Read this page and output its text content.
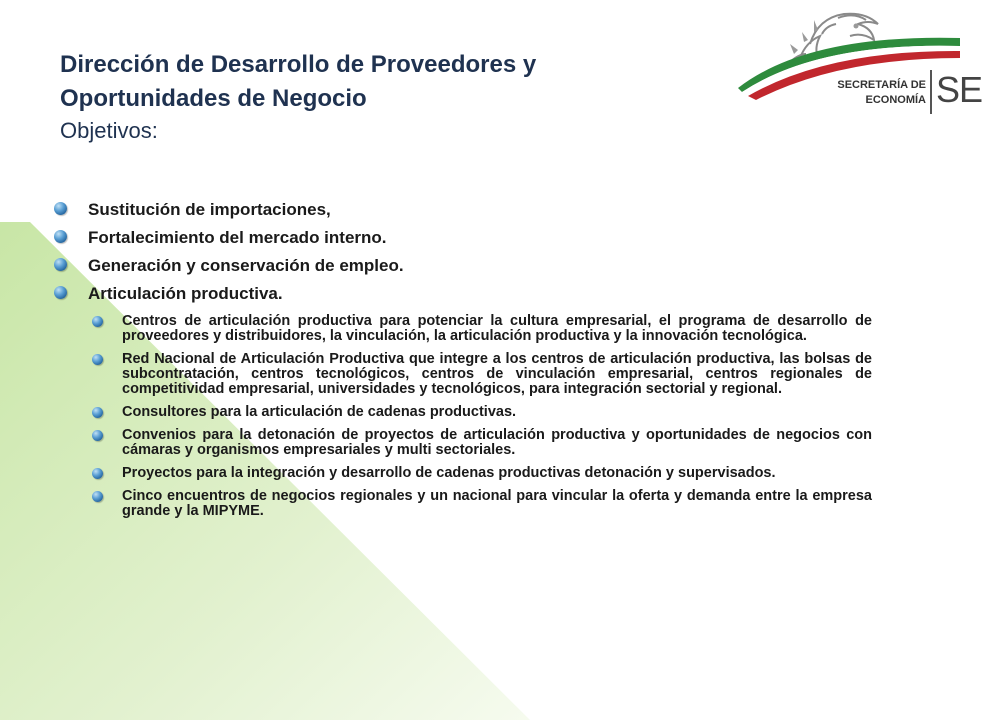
Dirección de Desarrollo de Proveedores y
Oportunidades de Negocio

Objetivos:

SECRETARÍA DE
ECONOMÍA SE
Sustitución de importaciones,
Fortalecimiento del mercado interno.
Generación y conservación de empleo.
Articulación productiva.
Centros de articulación productiva para potenciar la cultura empresarial, el programa de desarrollo de proveedores y distribuidores, la vinculación, la articulación productiva y la innovación tecnológica.
Red Nacional de Articulación Productiva que integre a los centros de articulación productiva, las bolsas de subcontratación, centros tecnológicos, centros de vinculación empresarial, centros regionales de competitividad empresarial, universidades y tecnológicos, para integración sectorial y regional.
Consultores para la articulación de cadenas productivas.
Convenios para la detonación de proyectos de articulación productiva y oportunidades de negocios con cámaras y organismos empresariales y multi sectoriales.
Proyectos para la integración y desarrollo de cadenas productivas detonación y supervisados.
Cinco encuentros de negocios regionales y un nacional para vincular la oferta y demanda entre la empresa grande y la MIPYME.
